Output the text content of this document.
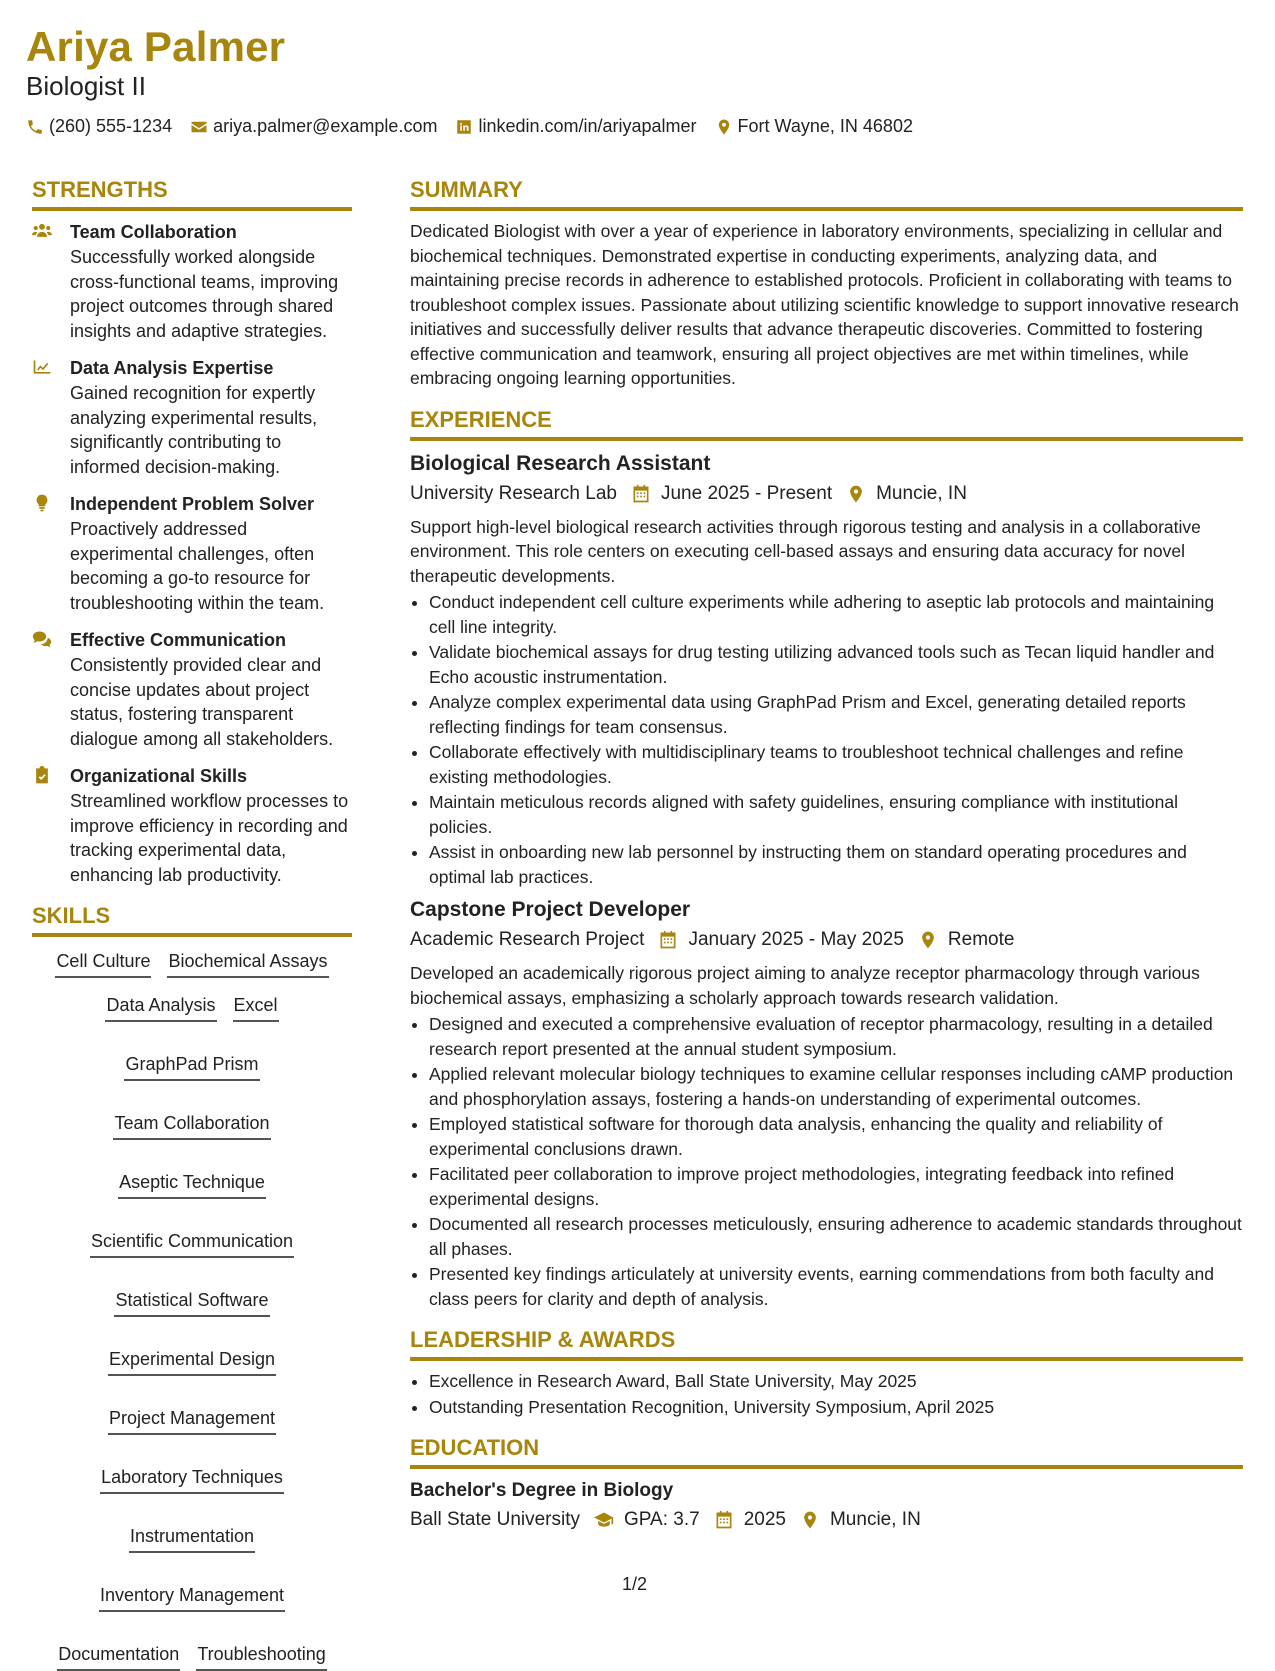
Ariya Palmer
Biologist II
(260) 555-1234 ariya.palmer@example.com linkedin.com/in/ariyapalmer Fort Wayne, IN 46802
STRENGTHS
Team Collaboration
Successfully worked alongside cross-functional teams, improving project outcomes through shared insights and adaptive strategies.
Data Analysis Expertise
Gained recognition for expertly analyzing experimental results, significantly contributing to informed decision-making.
Independent Problem Solver
Proactively addressed experimental challenges, often becoming a go-to resource for troubleshooting within the team.
Effective Communication
Consistently provided clear and concise updates about project status, fostering transparent dialogue among all stakeholders.
Organizational Skills
Streamlined workflow processes to improve efficiency in recording and tracking experimental data, enhancing lab productivity.
SKILLS
Cell Culture Biochemical Assays
Data Analysis Excel
GraphPad Prism
Team Collaboration
Aseptic Technique
Scientific Communication
Statistical Software
Experimental Design
Project Management
Laboratory Techniques
Instrumentation
Inventory Management
Documentation Troubleshooting
SUMMARY
Dedicated Biologist with over a year of experience in laboratory environments, specializing in cellular and biochemical techniques. Demonstrated expertise in conducting experiments, analyzing data, and maintaining precise records in adherence to established protocols. Proficient in collaborating with teams to troubleshoot complex issues. Passionate about utilizing scientific knowledge to support innovative research initiatives and successfully deliver results that advance therapeutic discoveries. Committed to fostering effective communication and teamwork, ensuring all project objectives are met within timelines, while embracing ongoing learning opportunities.
EXPERIENCE
Biological Research Assistant
University Research Lab June 2025 - Present Muncie, IN
Support high-level biological research activities through rigorous testing and analysis in a collaborative environment. This role centers on executing cell-based assays and ensuring data accuracy for novel therapeutic developments.
• Conduct independent cell culture experiments while adhering to aseptic lab protocols and maintaining cell line integrity.
• Validate biochemical assays for drug testing utilizing advanced tools such as Tecan liquid handler and Echo acoustic instrumentation.
• Analyze complex experimental data using GraphPad Prism and Excel, generating detailed reports reflecting findings for team consensus.
• Collaborate effectively with multidisciplinary teams to troubleshoot technical challenges and refine existing methodologies.
• Maintain meticulous records aligned with safety guidelines, ensuring compliance with institutional policies.
• Assist in onboarding new lab personnel by instructing them on standard operating procedures and optimal lab practices.
Capstone Project Developer
Academic Research Project January 2025 - May 2025 Remote
Developed an academically rigorous project aiming to analyze receptor pharmacology through various biochemical assays, emphasizing a scholarly approach towards research validation.
• Designed and executed a comprehensive evaluation of receptor pharmacology, resulting in a detailed research report presented at the annual student symposium.
• Applied relevant molecular biology techniques to examine cellular responses including cAMP production and phosphorylation assays, fostering a hands-on understanding of experimental outcomes.
• Employed statistical software for thorough data analysis, enhancing the quality and reliability of experimental conclusions drawn.
• Facilitated peer collaboration to improve project methodologies, integrating feedback into refined experimental designs.
• Documented all research processes meticulously, ensuring adherence to academic standards throughout all phases.
• Presented key findings articulately at university events, earning commendations from both faculty and class peers for clarity and depth of analysis.
LEADERSHIP & AWARDS
• Excellence in Research Award, Ball State University, May 2025
• Outstanding Presentation Recognition, University Symposium, April 2025
EDUCATION
Bachelor's Degree in Biology
Ball State University GPA: 3.7 2025 Muncie, IN
1/2
